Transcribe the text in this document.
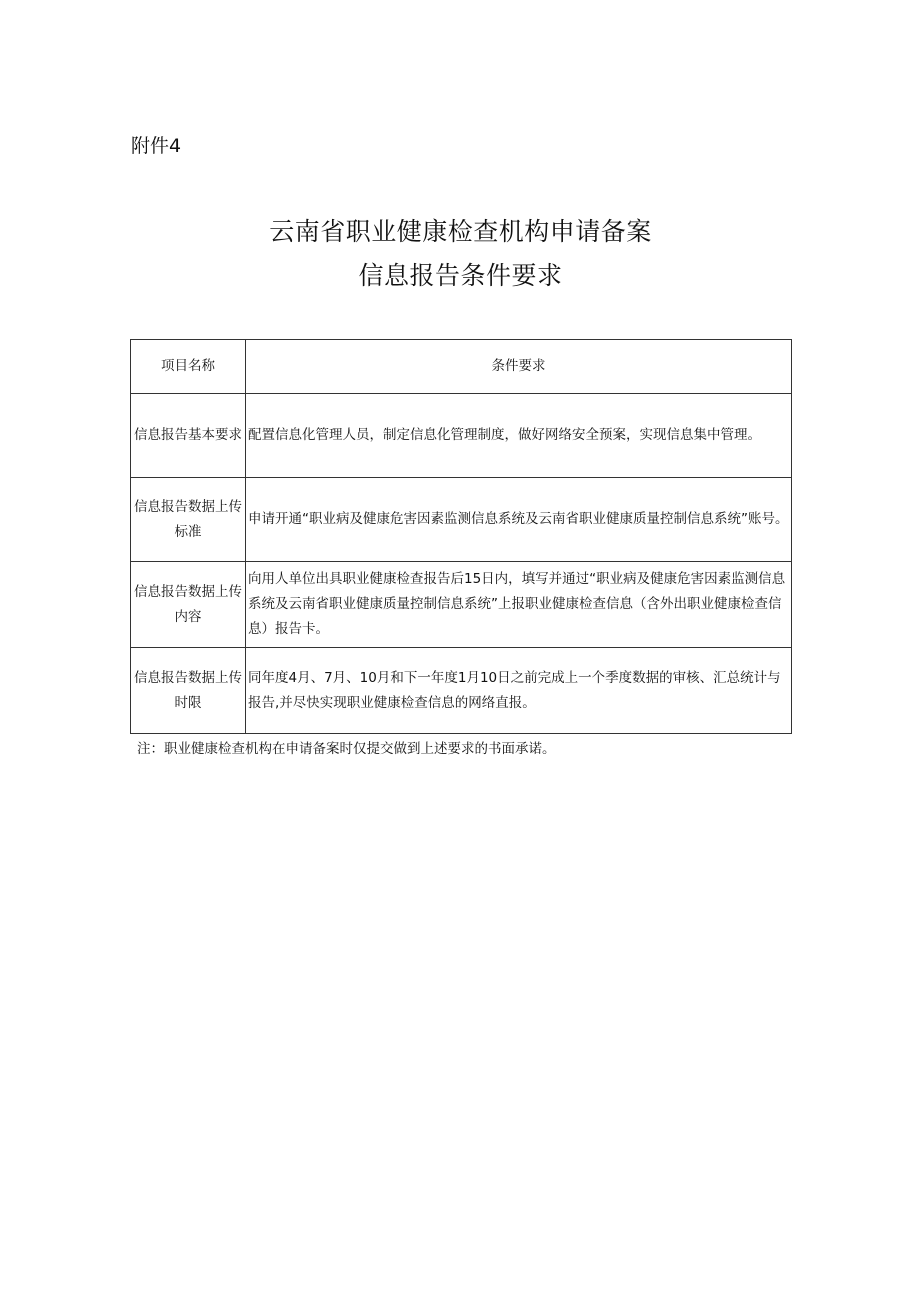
附件4
云南省职业健康检查机构申请备案
信息报告条件要求
项目名称	条件要求
信息报告基本要求	配置信息化管理人员，制定信息化管理制度，做好网络安全预案，实现信息集中管理。
信息报告数据上传标准	申请开通“职业病及健康危害因素监测信息系统及云南省职业健康质量控制信息系统”账号。
信息报告数据上传内容	向用人单位出具职业健康检查报告后15日内，填写并通过“职业病及健康危害因素监测信息系统及云南省职业健康质量控制信息系统”上报职业健康检查信息（含外出职业健康检查信息）报告卡。
信息报告数据上传时限	同年度4月、7月、10月和下一年度1月10日之前完成上一个季度数据的审核、汇总统计与报告,并尽快实现职业健康检查信息的网络直报。
注：职业健康检查机构在申请备案时仅提交做到上述要求的书面承诺。
